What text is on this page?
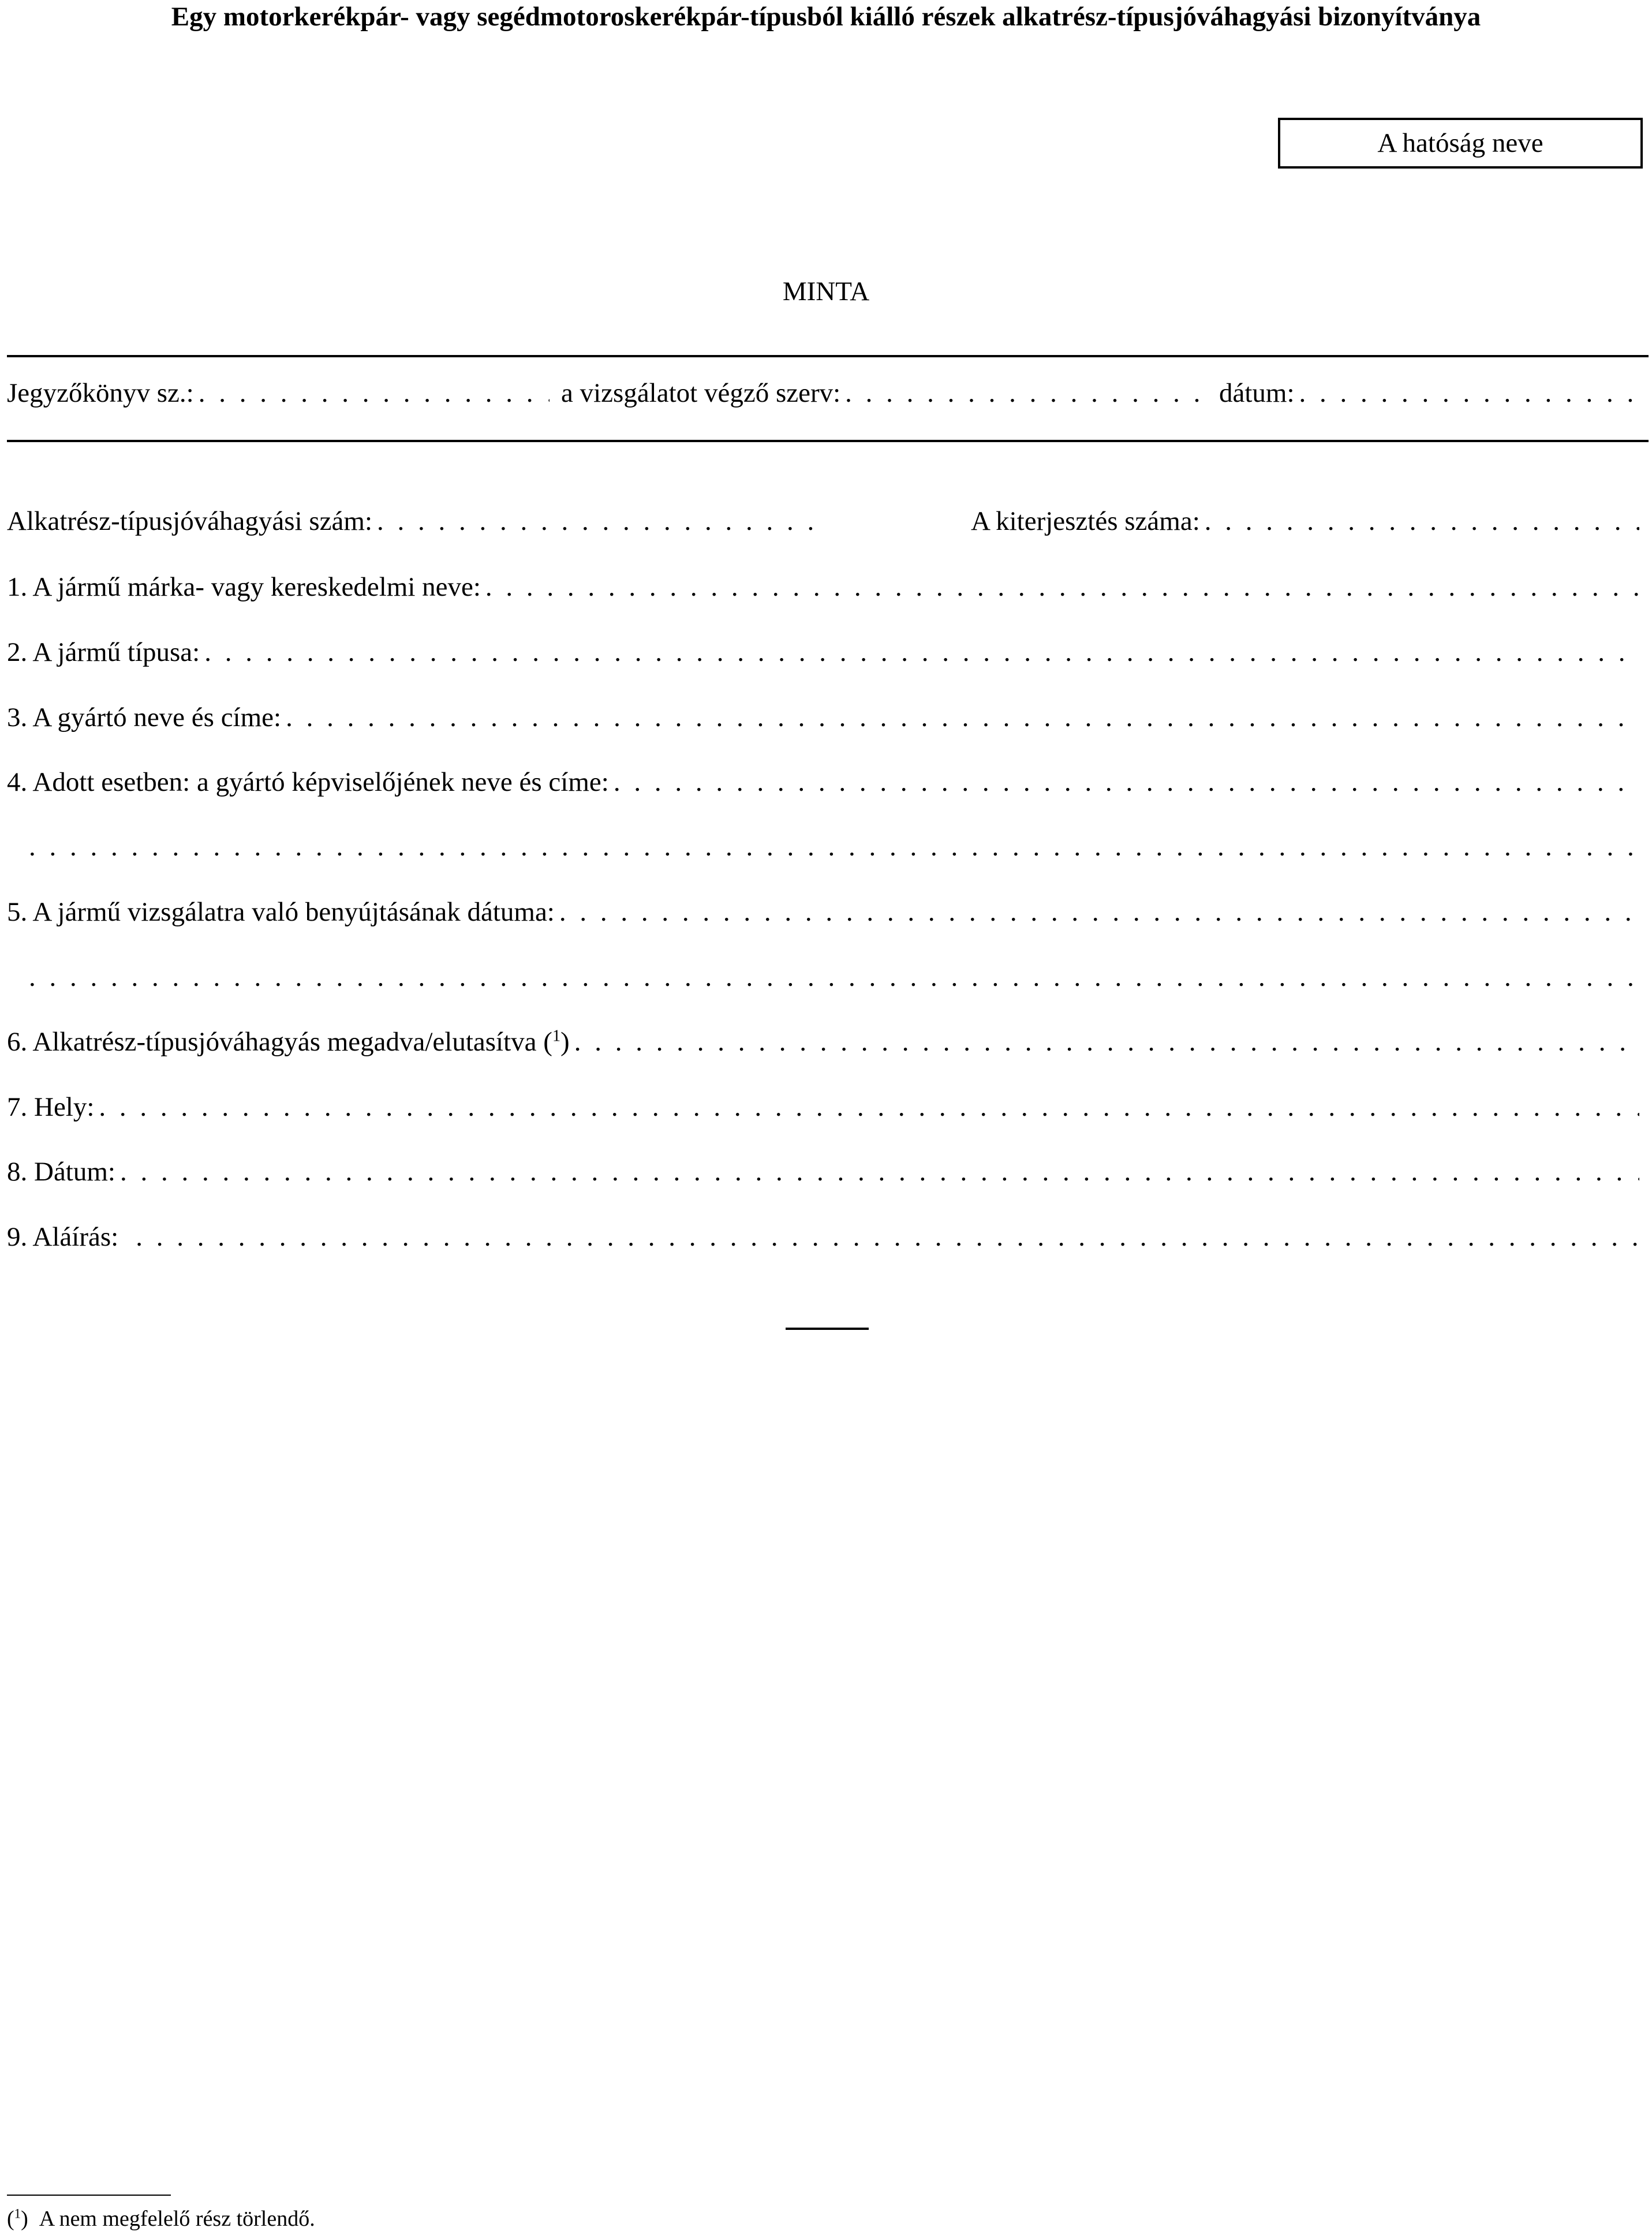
Egy motorkerékpár- vagy segédmotoroskerékpár-típusból kiálló részek alkatrész-típusjóváhagyási bizonyítványa
A hatóság neve
MINTA
Jegyzőkönyv sz.: . . .	a vizsgálatot végző szerv: . . .	dátum:
. . .
Alkatrész-típusjóváhagyási szám: . . .	A kiterjesztés száma:
. . .
1. A jármű márka- vagy kereskedelmi neve:
. . .
2. A jármű típusa:
. . .
3. A gyártó neve és címe:
. . .
4. Adott esetben: a gyártó képviselőjének neve és címe:
. . .
. . .
5. A jármű vizsgálatra való benyújtásának dátuma:
. . .
. . .
6. Alkatrész-típusjóváhagyás megadva/elutasítva ($^1$)
. . .
7. Hely:
. . .
8. Dátum:
. . .
9. Aláírás:
. . .
($^1$)  A nem megfelelő rész törlendő.
